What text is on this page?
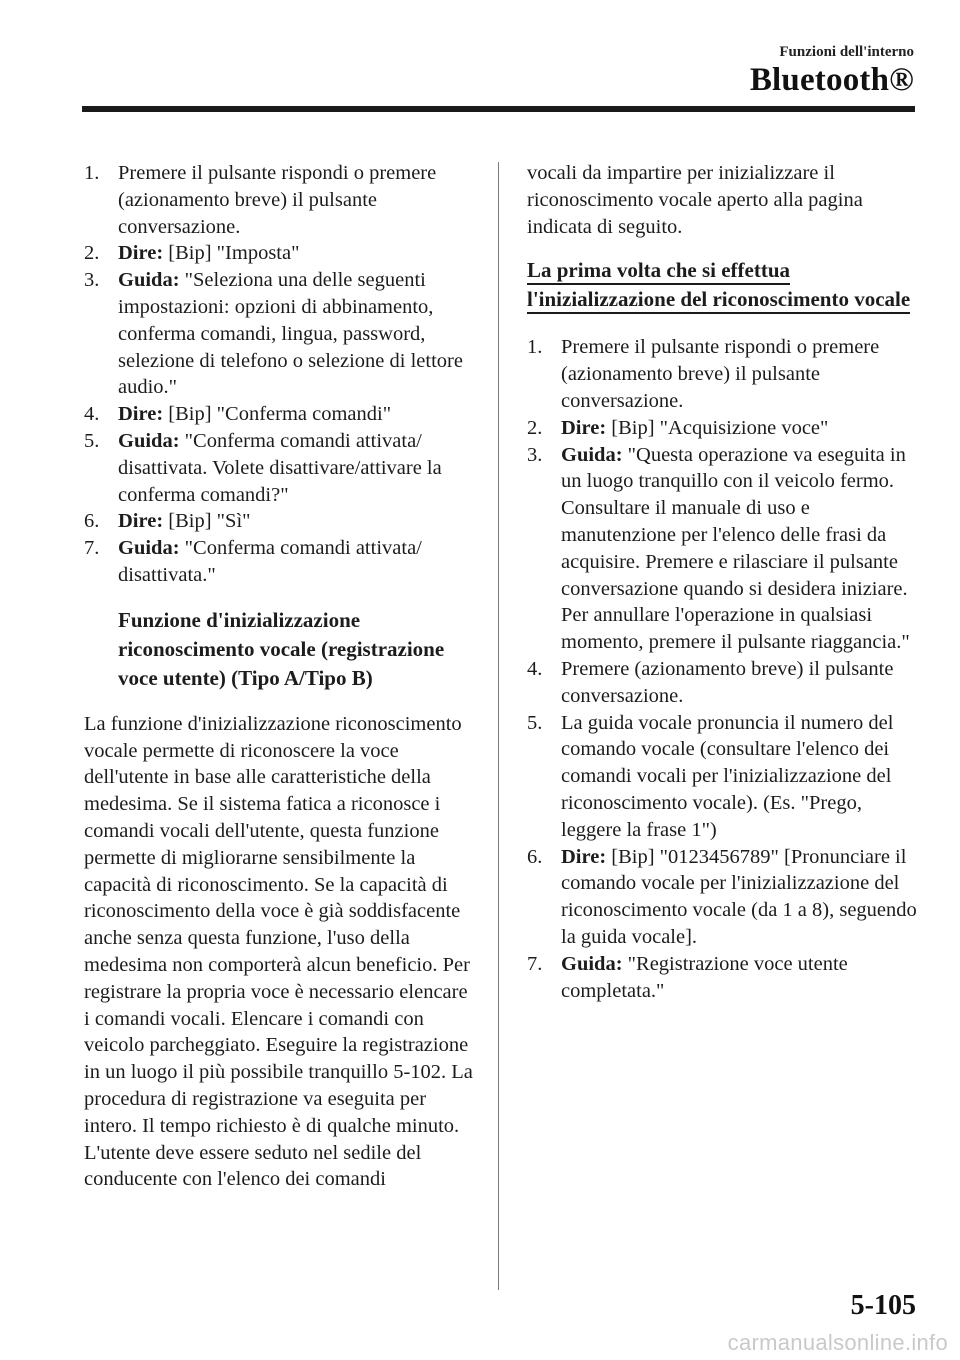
Funzioni dell'interno
Bluetooth®
1. Premere il pulsante rispondi o premere (azionamento breve) il pulsante conversazione.
2. Dire: [Bip] "Imposta"
3. Guida: "Seleziona una delle seguenti impostazioni: opzioni di abbinamento, conferma comandi, lingua, password, selezione di telefono o selezione di lettore audio."
4. Dire: [Bip] "Conferma comandi"
5. Guida: "Conferma comandi attivata/ disattivata. Volete disattivare/attivare la conferma comandi?"
6. Dire: [Bip] "Sì"
7. Guida: "Conferma comandi attivata/ disattivata."
Funzione d'inizializzazione riconoscimento vocale (registrazione voce utente) (Tipo A/Tipo B)

La funzione d'inizializzazione riconoscimento vocale permette di riconoscere la voce dell'utente in base alle caratteristiche della medesima. Se il sistema fatica a riconosce i comandi vocali dell'utente, questa funzione permette di migliorarne sensibilmente la capacità di riconoscimento. Se la capacità di riconoscimento della voce è già soddisfacente anche senza questa funzione, l'uso della medesima non comporterà alcun beneficio. Per registrare la propria voce è necessario elencare i comandi vocali. Elencare i comandi con veicolo parcheggiato. Eseguire la registrazione in un luogo il più possibile tranquillo 5-102. La procedura di registrazione va eseguita per intero. Il tempo richiesto è di qualche minuto. L'utente deve essere seduto nel sedile del conducente con l'elenco dei comandi

vocali da impartire per inizializzare il riconoscimento vocale aperto alla pagina indicata di seguito.

La prima volta che si effettua l'inizializzazione del riconoscimento vocale
1. Premere il pulsante rispondi o premere (azionamento breve) il pulsante conversazione.
2. Dire: [Bip] "Acquisizione voce"
3. Guida: "Questa operazione va eseguita in un luogo tranquillo con il veicolo fermo. Consultare il manuale di uso e manutenzione per l'elenco delle frasi da acquisire. Premere e rilasciare il pulsante conversazione quando si desidera iniziare. Per annullare l'operazione in qualsiasi momento, premere il pulsante riaggancia."
4. Premere (azionamento breve) il pulsante conversazione.
5. La guida vocale pronuncia il numero del comando vocale (consultare l'elenco dei comandi vocali per l'inizializzazione del riconoscimento vocale). (Es. "Prego, leggere la frase 1")
6. Dire: [Bip] "0123456789" [Pronunciare il comando vocale per l'inizializzazione del riconoscimento vocale (da 1 a 8), seguendo la guida vocale].
7. Guida: "Registrazione voce utente completata."
5-105
carmanualsonline.info
